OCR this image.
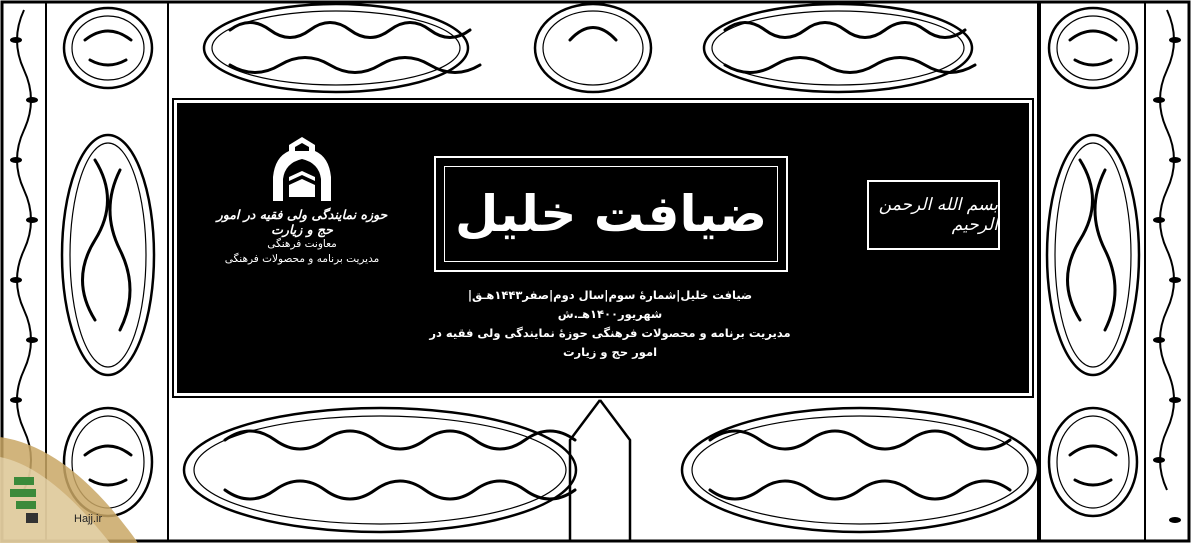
ضیافت خلیل	بسم الله الرحمن الرحیم
ضیافت خلیل|شمارهٔ سوم|سال دوم|صفر۱۴۴۳هـق|شهریور۱۴۰۰هـ.ش
مدیریت برنامه و محصولات فرهنگی حوزهٔ نمایندگی ولی فقیه در امور حج و زیارت
حوزه نمایندگی ولی فقیه در امور حج و زیارت
معاونت فرهنگی
مدیریت برنامه و محصولات فرهنگی
Hajj.ir
